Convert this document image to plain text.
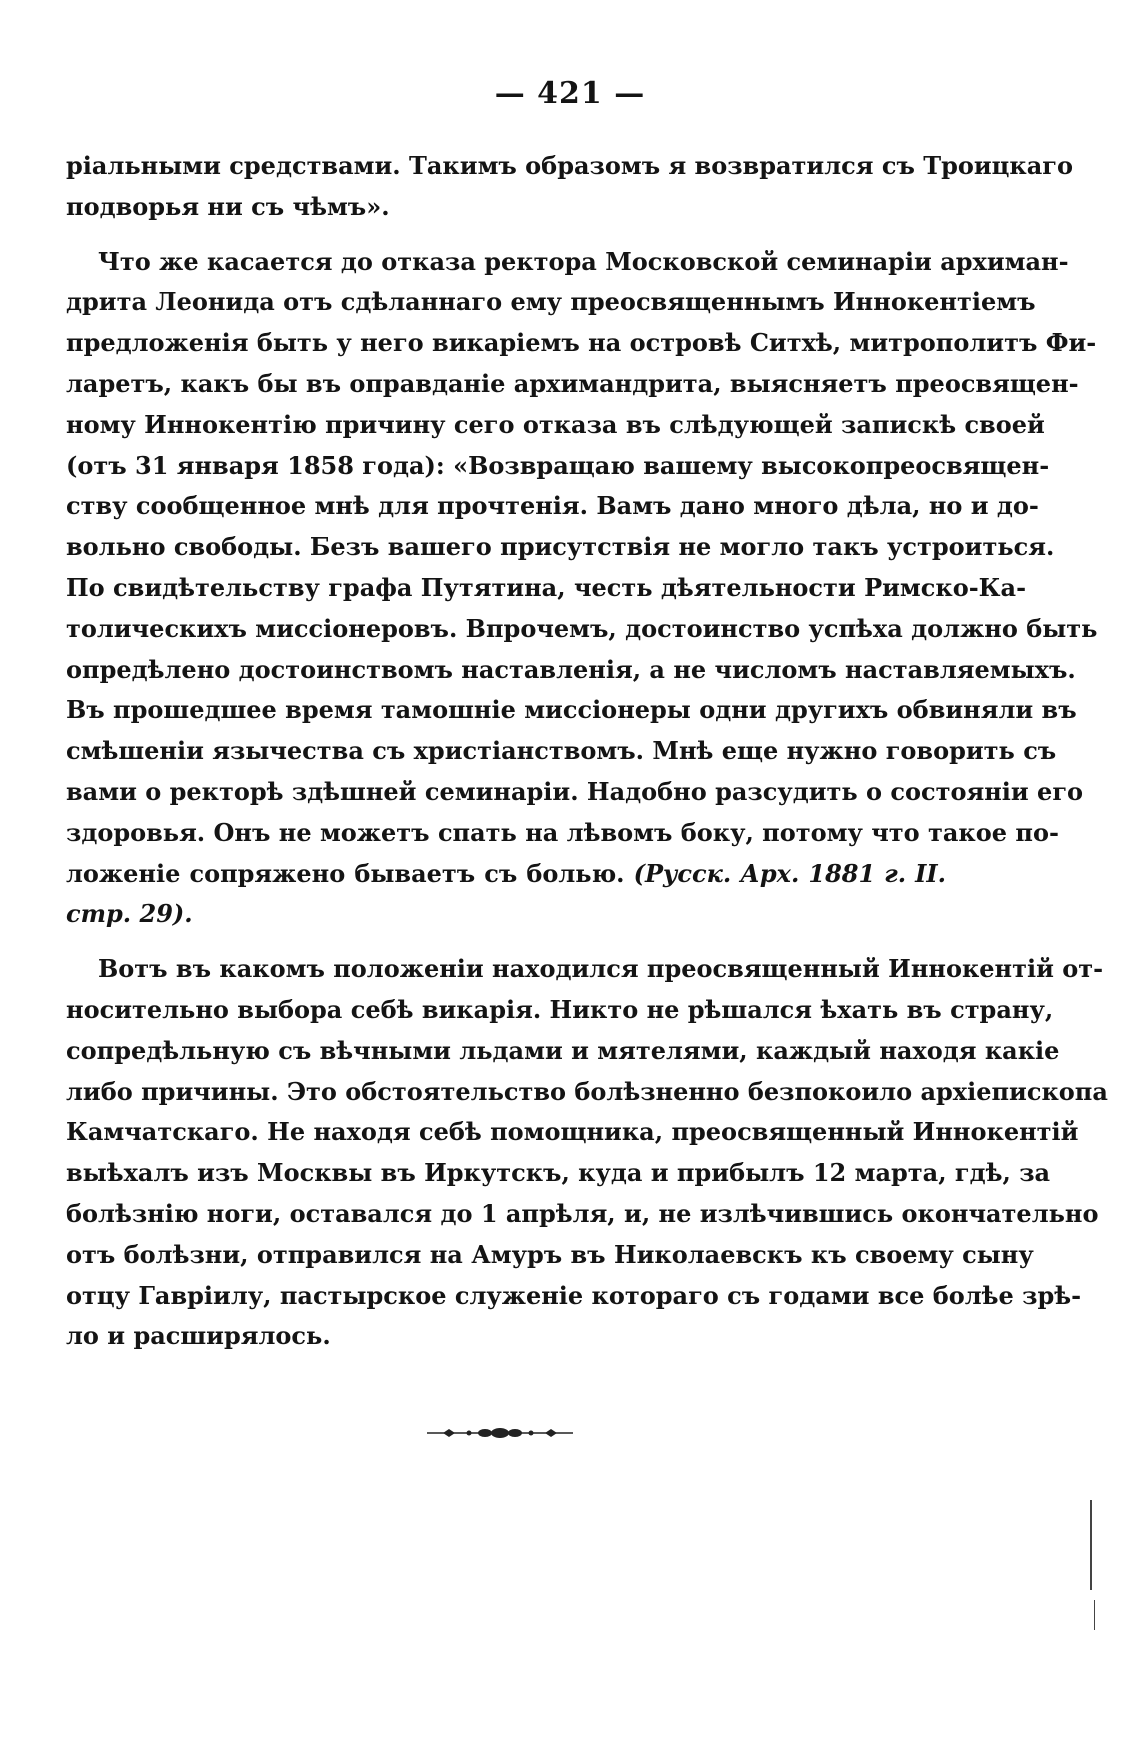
— 421 —
ріальными средствами. Такимъ образомъ я возвратился съ Троицкаго
подворья ни съ чѣмъ».
Что же касается до отказа ректора Московской семинаріи архиман-
дрита Леонида отъ сдѣланнаго ему преосвященнымъ Иннокентіемъ
предложенія быть у него викаріемъ на островѣ Ситхѣ, митрополитъ Фи-
ларетъ, какъ бы въ оправданіе архимандрита, выясняетъ преосвящен-
ному Иннокентію причину сего отказа въ слѣдующей запискѣ своей
(отъ 31 января 1858 года): «Возвращаю вашему высокопреосвящен-
ству сообщенное мнѣ для прочтенія. Вамъ дано много дѣла, но и до-
вольно свободы. Безъ вашего присутствія не могло такъ устроиться.
По свидѣтельству графа Путятина, честь дѣятельности Римско-Ка-
толическихъ миссіонеровъ. Впрочемъ, достоинство успѣха должно быть
опредѣлено достоинствомъ наставленія, а не числомъ наставляемыхъ.
Въ прошедшее время тамошніе миссіонеры одни другихъ обвиняли въ
смѣшеніи язычества съ христіанствомъ. Мнѣ еще нужно говорить съ
вами о ректорѣ здѣшней семинаріи. Надобно разсудить о состояніи его
здоровья. Онъ не можетъ спать на лѣвомъ боку, потому что такое по-
ложеніе сопряжено бываетъ съ болью. (Русск. Арх. 1881 г. II.
стр. 29).
Вотъ въ какомъ положеніи находился преосвященный Иннокентій от-
носительно выбора себѣ викарія. Никто не рѣшался ѣхать въ страну,
сопредѣльную съ вѣчными льдами и мятелями, каждый находя какіе
либо причины. Это обстоятельство болѣзненно безпокоило архіепископа
Камчатскаго. Не находя себѣ помощника, преосвященный Иннокентій
выѣхалъ изъ Москвы въ Иркутскъ, куда и прибылъ 12 марта, гдѣ, за
болѣзнію ноги, оставался до 1 апрѣля, и, не излѣчившись окончательно
отъ болѣзни, отправился на Амуръ въ Николаевскъ къ своему сыну
отцу Гавріилу, пастырское служеніе котораго съ годами все болѣе зрѣ-
ло и расширялось.
